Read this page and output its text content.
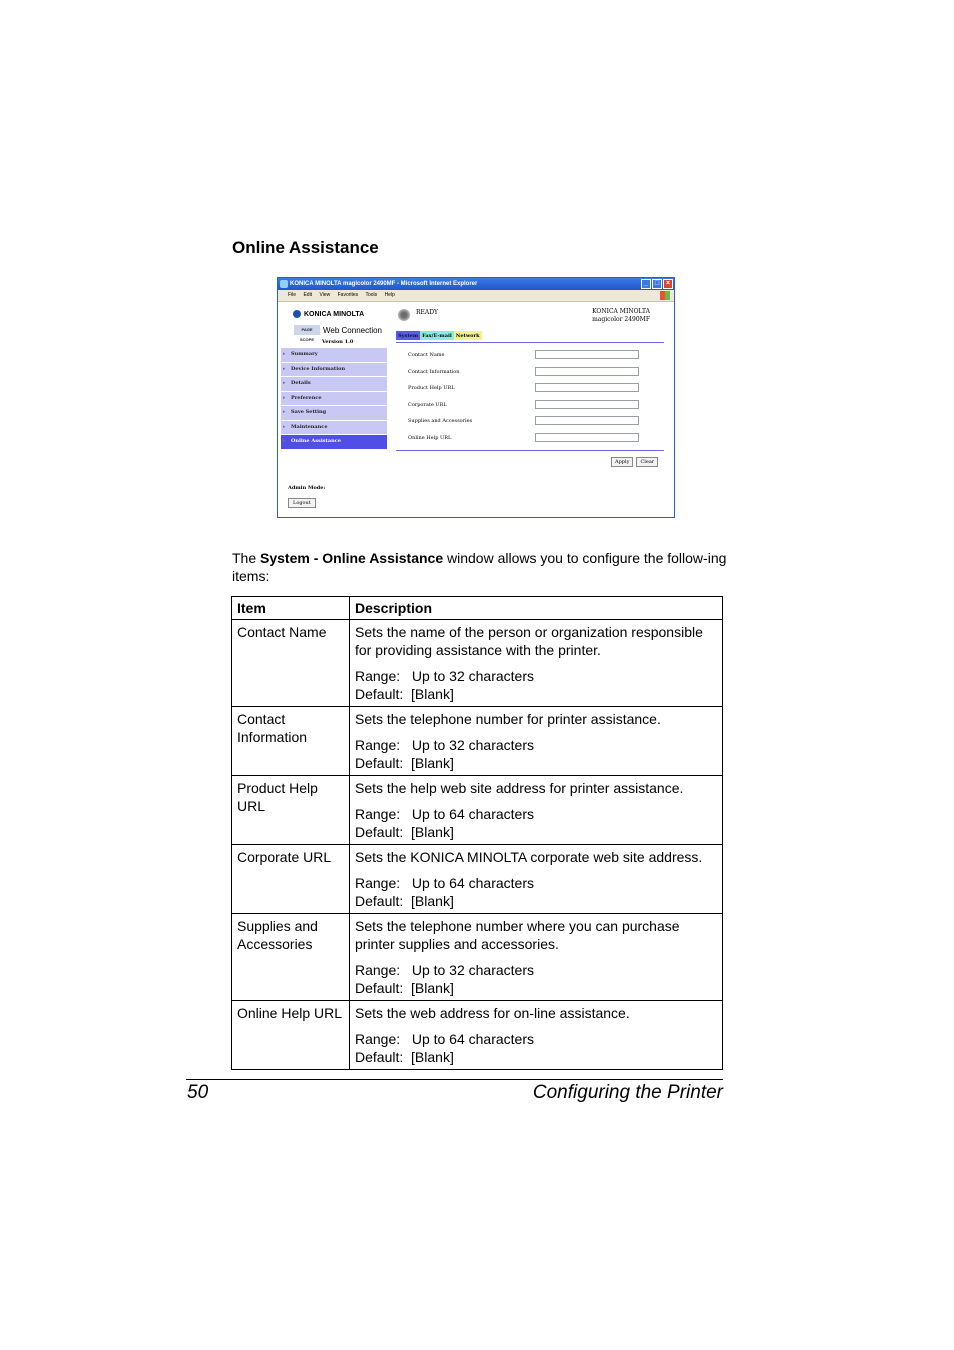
Online Assistance
KONICA MINOLTA magicolor 2490MF - Microsoft Internet Explorer	_ □ ×
File Edit View Favorites Tools Help
KONICA MINOLTA
PAGE SCOPE
Web Connection
Version 1.0
▸ Summary
▸ Device Information
▸ Details
▸ Preference
▸ Save Setting
▸ Maintenance
▸ Online Assistance
Admin Mode:
Logout
READY	KONICA MINOLTA
magicolor 2490MF
System Fax/E-mail Network
Contact Name
Contact Information
Product Help URL
Corporate URL
Supplies and Accessories
Online Help URL
Apply	Clear
The System - Online Assistance window allows you to configure the follow-ing items:
Item	Description
Contact Name	Sets the name of the person or organization responsible for providing assistance with the printer.

Range: Up to 32 characters

Default: [Blank]

Contact Information	Sets the telephone number for printer assistance.

Range: Up to 32 characters

Default: [Blank]

Product Help URL	Sets the help web site address for printer assistance.

Range: Up to 64 characters

Default: [Blank]

Corporate URL	Sets the KONICA MINOLTA corporate web site address.

Range: Up to 64 characters

Default: [Blank]

Supplies and Accessories	Sets the telephone number where you can purchase printer supplies and accessories.

Range: Up to 32 characters

Default: [Blank]

Online Help URL	Sets the web address for on-line assistance.

Range: Up to 64 characters

Default: [Blank]

50	Configuring the Printer
